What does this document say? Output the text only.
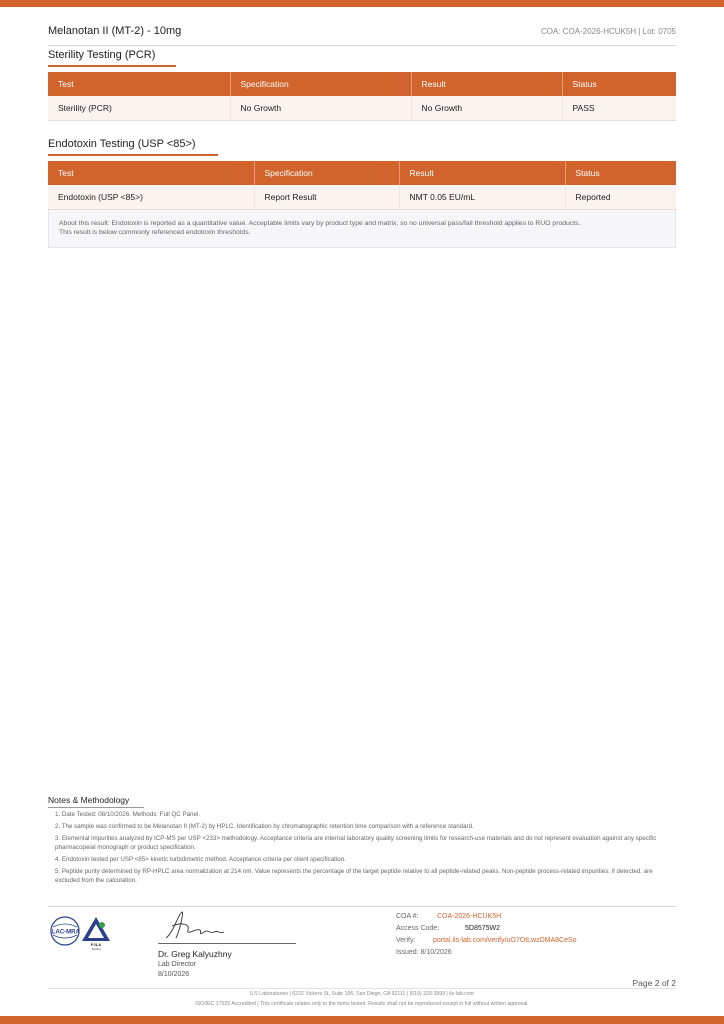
Melanotan II (MT-2) - 10mg	COA: COA-2026-HCUK5H | Lot: 0705
Sterility Testing (PCR)
Test	Specification	Result	Status
Sterility (PCR)	No Growth	No Growth	PASS
Endotoxin Testing (USP <85>)
Test	Specification	Result	Status
Endotoxin (USP <85>)	Report Result	NMT 0.05 EU/mL	Reported
About this result: Endotoxin is reported as a quantitative value. Acceptable limits vary by product type and matrix, so no universal pass/fail threshold applies to RUO products.
This result is below commonly referenced endotoxin thresholds.
Notes & Methodology
1. Date Tested: 08/10/2026. Methods: Full QC Panel.
2. The sample was confirmed to be Melanotan II (MT-2) by HPLC. Identification by chromatographic retention time comparison with a reference standard.
3. Elemental impurities analyzed by ICP-MS per USP <233> methodology. Acceptance criteria are internal laboratory quality screening limits for research-use materials and do not represent evaluation against any specific pharmacopeial monograph or product specification.
4. Endotoxin tested per USP <85> kinetic turbidimetric method. Acceptance criteria per client specification.
5. Peptide purity determined by RP-HPLC area normalization at 214 nm. Value represents the percentage of the target peptide relative to all peptide-related peaks. Non-peptide process-related impurities, if detected, are excluded from the calculation.
ILAC-MRA
PJLA
Testing	Dr. Greg Kalyuzhny
Lab Director
8/10/2026
COA #:	COA-2026-HCUK5H
Access Code:	5D8575W2
Verify:	portal.ils-lab.com/verify/uO7OtLwzDMA8CeSo
Issued: 8/10/2026
Page 2 of 2
ILS Laboratories | 6222 Vickers St, Suite 106, San Diego, CA 92111 | (619) 329-3999 | ils-lab.com
ISO/IEC 17025 Accredited | This certificate relates only to the items tested. Results shall not be reproduced except in full without written approval.
